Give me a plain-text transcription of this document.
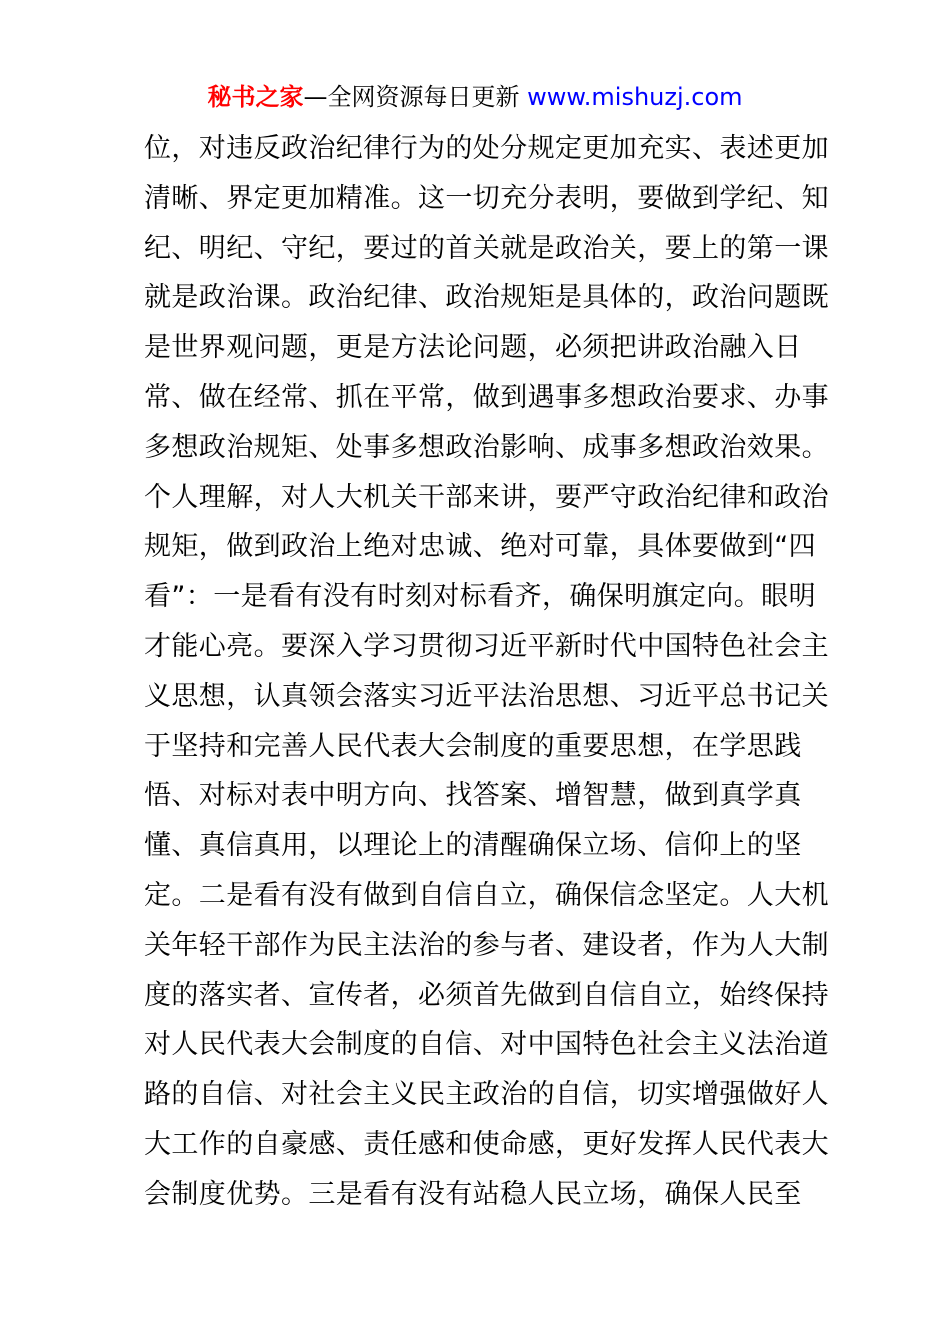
秘书之家—全网资源每日更新 www.mishuzj.com
位，对违反政治纪律行为的处分规定更加充实、表述更加
清晰、界定更加精准。这一切充分表明，要做到学纪、知
纪、明纪、守纪，要过的首关就是政治关，要上的第一课
就是政治课。政治纪律、政治规矩是具体的，政治问题既
是世界观问题，更是方法论问题，必须把讲政治融入日
常、做在经常、抓在平常，做到遇事多想政治要求、办事
多想政治规矩、处事多想政治影响、成事多想政治效果。
个人理解，对人大机关干部来讲，要严守政治纪律和政治
规矩，做到政治上绝对忠诚、绝对可靠，具体要做到“四
看”：一是看有没有时刻对标看齐，确保明旗定向。眼明
才能心亮。要深入学习贯彻习近平新时代中国特色社会主
义思想，认真领会落实习近平法治思想、习近平总书记关
于坚持和完善人民代表大会制度的重要思想，在学思践
悟、对标对表中明方向、找答案、增智慧，做到真学真
懂、真信真用，以理论上的清醒确保立场、信仰上的坚
定。二是看有没有做到自信自立，确保信念坚定。人大机
关年轻干部作为民主法治的参与者、建设者，作为人大制
度的落实者、宣传者，必须首先做到自信自立，始终保持
对人民代表大会制度的自信、对中国特色社会主义法治道
路的自信、对社会主义民主政治的自信，切实增强做好人
大工作的自豪感、责任感和使命感，更好发挥人民代表大
会制度优势。三是看有没有站稳人民立场，确保人民至
